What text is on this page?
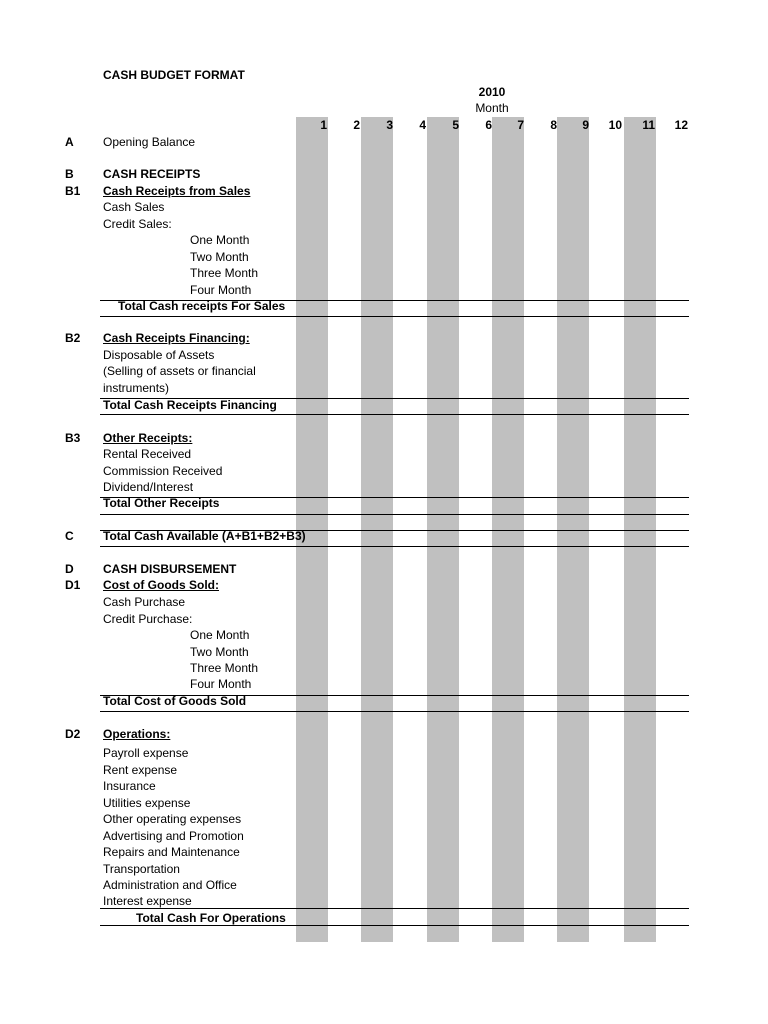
CASH BUDGET FORMAT
2010
Month
1	2	3	4	5	6	7	8	9	10	11	12
A Opening Balance
B CASH RECEIPTS
B1 Cash Receipts from Sales
Cash Sales
Credit Sales:
One Month
Two Month
Three Month
Four Month
Total Cash receipts For Sales
B2 Cash Receipts Financing:
Disposable of Assets
(Selling of assets or financial
instruments)
Total Cash Receipts Financing
B3 Other Receipts:
Rental Received
Commission Received
Dividend/Interest
Total Other Receipts
C Total Cash Available (A+B1+B2+B3)
D CASH DISBURSEMENT
D1 Cost of Goods Sold:
Cash Purchase
Credit Purchase:
One Month
Two Month
Three Month
Four Month
Total Cost of Goods Sold
D2 Operations:
Payroll expense
Rent expense
Insurance
Utilities expense
Other operating expenses
Advertising and Promotion
Repairs and Maintenance
Transportation
Administration and Office
Interest expense
Total Cash For Operations
